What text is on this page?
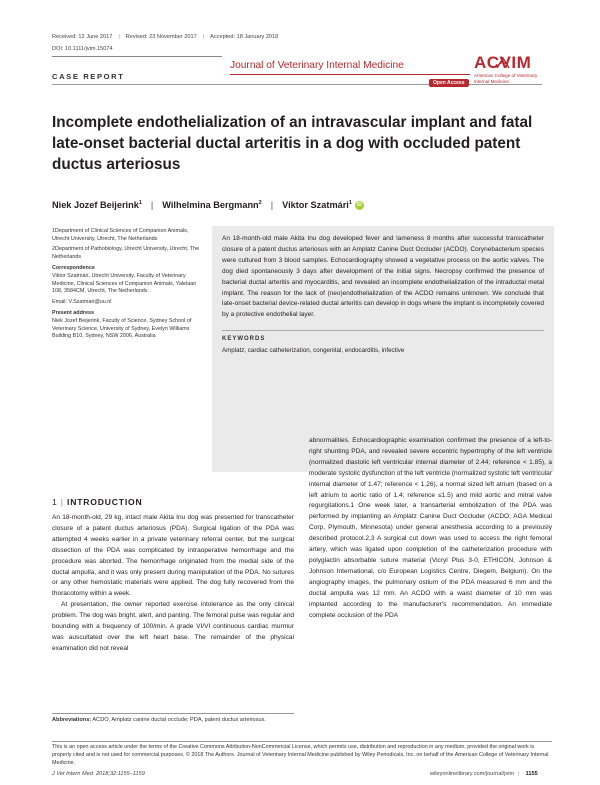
Received: 12 June 2017 | Revised: 23 November 2017 | Accepted: 18 January 2018
DOI: 10.1111/jvim.15074
CASE REPORT
Journal of Veterinary Internal Medicine
Open Access
ACVIM
American College of Veterinary Internal Medicine
Incomplete endothelialization of an intravascular implant and fatal late-onset bacterial ductal arteritis in a dog with occluded patent ductus arteriosus
Niek Jozef Beijerink$^1$ | Wilhelmina Bergmann$^2$ | Viktor Szatmári$^1$	iD

1Department of Clinical Sciences of Companion Animals, Utrecht University, Utrecht, The Netherlands

2Department of Pathobiology, Utrecht University, Utrecht, The Netherlands

Correspondence

Viktor Szatmári, Utrecht University, Faculty of Veterinary Medicine, Clinical Sciences of Companion Animals, Yalelaan 108, 3584CM, Utrecht, The Netherlands.

Email: V.Szatmari@uu.nl

Present address

Niek Jozef Beijerink, Faculty of Science, Sydney School of Veterinary Science, University of Sydney, Evelyn Williams Building B10, Sydney, NSW 2006, Australia

An 18-month-old male Akita Inu dog developed fever and lameness 8 months after successful transcatheter closure of a patent ductus arteriosus with an Amplatz Canine Duct Occluder (ACDO). Corynebacterium species were cultured from 3 blood samples. Echocardiography showed a vegetative process on the aortic valves. The dog died spontaneously 3 days after development of the initial signs. Necropsy confirmed the presence of bacterial ductal arteritis and myocarditis, and revealed an incomplete endothelialization of the intraductal metal implant. The reason for the lack of (neo)endothelialization of the ACDO remains unknown. We conclude that late-onset bacterial device-related ductal arteritis can develop in dogs where the implant is incompletely covered by a protective endothelial layer.

KEYWORDS
Amplatz, cardiac catheterization, congenital, endocarditis, infective
1 | INTRODUCTION

An 18-month-old, 29 kg, intact male Akita Inu dog was presented for transcatheter closure of a patent ductus arteriosus (PDA). Surgical ligation of the PDA was attempted 4 weeks earlier in a private veterinary referral center, but the surgical dissection of the PDA was complicated by intraoperative hemorrhage and the procedure was aborted. The hemorrhage originated from the medial side of the ductal ampulla, and it was only present during manipulation of the PDA. No sutures or any other hemostatic materials were applied. The dog fully recovered from the thoracotomy within a week.

At presentation, the owner reported exercise intolerance as the only clinical problem. The dog was bright, alert, and panting. The femoral pulse was regular and bounding with a frequency of 100/min. A grade VI/VI continuous cardiac murmur was auscultated over the left heart base. The remainder of the physical examination did not reveal

abnormalities. Echocardiographic examination confirmed the presence of a left-to-right shunting PDA, and revealed severe eccentric hypertrophy of the left ventricle (normalized diastolic left ventricular internal diameter of 2.44; reference < 1.85), a moderate systolic dysfunction of the left ventricle (normalized systolic left ventricular internal diameter of 1.47; reference < 1.26), a normal sized left atrium (based on a left atrium to aortic ratio of 1.4; reference ≤1.5) and mild aortic and mitral valve regurgitations.1 One week later, a transarterial embolization of the PDA was performed by implanting an Amplatz Canine Duct Occluder (ACDO; AGA Medical Corp, Plymouth, Minnesota) under general anesthesia according to a previously described protocol.2,3 A surgical cut down was used to access the right femoral artery, which was ligated upon completion of the catheterization procedure with polyglactin absorbable suture material (Vicryl Plus 3-0, ETHICON, Johnson & Johnson International, c/o European Logistics Centre, Diegem, Belgium). On the angiography images, the pulmonary ostium of the PDA measured 6 mm and the ductal ampulla was 12 mm. An ACDO with a waist diameter of 10 mm was implanted according to the manufacturer's recommendation. An immediate complete occlusion of the PDA

Abbreviations: ACDO, Amplatz canine ductal occlude; PDA, patent ductus arteriosus.
This is an open access article under the terms of the Creative Commons Attribution-NonCommercial License, which permits use, distribution and reproduction in any medium, provided the original work is properly cited and is not used for commercial purposes. © 2018 The Authors. Journal of Veterinary Internal Medicine published by Wiley Periodicals, Inc. on behalf of the American College of Veterinary Internal Medicine.
J Vet Intern Med. 2018;32:1155–1159	wileyonlinelibrary.com/journal/jvim | 1155
